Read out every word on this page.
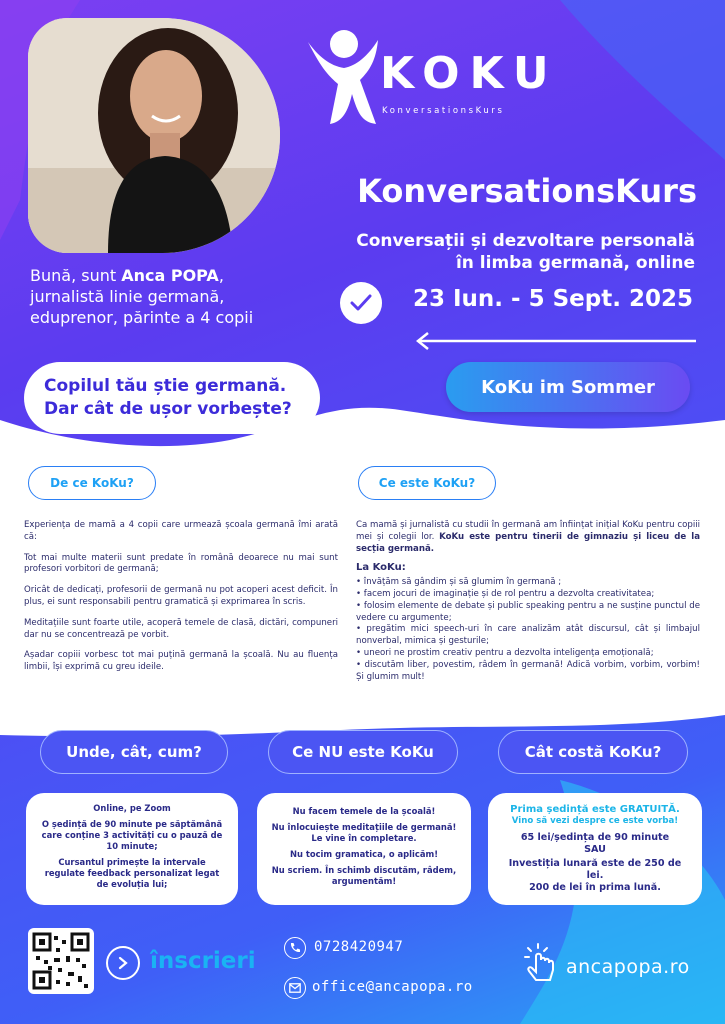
KOKU
KonversationsKurs
KonversationsKurs
Conversații și dezvoltare personală
în limba germană, online
Bună, sunt Anca POPA,
jurnalistă linie germană,
eduprenor, părinte a 4 copii
23 Iun. - 5 Sept. 2025
Copilul tău știe germană.
Dar cât de ușor vorbește?
KoKu im Sommer
De ce KoKu?

Experiența de mamă a 4 copii care urmează școala germană îmi arată că:

Tot mai multe materii sunt predate în română deoarece nu mai sunt profesori vorbitori de germană;

Oricât de dedicați, profesorii de germană nu pot acoperi acest deficit. În plus, ei sunt responsabili pentru gramatică și exprimarea în scris.

Meditațiile sunt foarte utile, acoperă temele de clasă, dictări, compuneri dar nu se concentrează pe vorbit.

Așadar copiii vorbesc tot mai puțină germană la școală. Nu au fluența limbii, își exprimă cu greu ideile.

Ce este KoKu?

Ca mamă și jurnalistă cu studii în germană am înființat inițial KoKu pentru copiii mei și colegii lor. KoKu este pentru tinerii de gimnaziu și liceu de la secția germană.

La KoKu:
• învățăm să gândim și să glumim în germană ;
• facem jocuri de imaginație și de rol pentru a dezvolta creativitatea;
• folosim elemente de debate și public speaking pentru a ne susține punctul de vedere cu argumente;
• pregătim mici speech-uri în care analizăm atât discursul, cât și limbajul nonverbal, mimica și gesturile;
• uneori ne prostim creativ pentru a dezvolta inteligența emoțională;
• discutăm liber, povestim, râdem în germană! Adică vorbim, vorbim, vorbim! Și glumim mult!
Unde, cât, cum?	Ce NU este KoKu	Cât costă KoKu?

Online, pe Zoom

O ședință de 90 minute pe săptămână care conține 3 activități cu o pauză de 10 minute;

Cursantul primește la intervale regulate feedback personalizat legat de evoluția lui;

Nu facem temele de la școală!

Nu înlocuiește meditațiile de germană! Le vine în completare.

Nu tocim gramatica, o aplicăm!

Nu scriem. În schimb discutăm, râdem, argumentăm!

Prima ședință este GRATUITĂ.

Vino să vezi despre ce este vorba!

65 lei/ședința de 90 minute

SAU

Investiția lunară este de 250 de lei.

200 de lei în prima lună.

înscrieri
0728420947
office@ancapopa.ro
ancapopa.ro
